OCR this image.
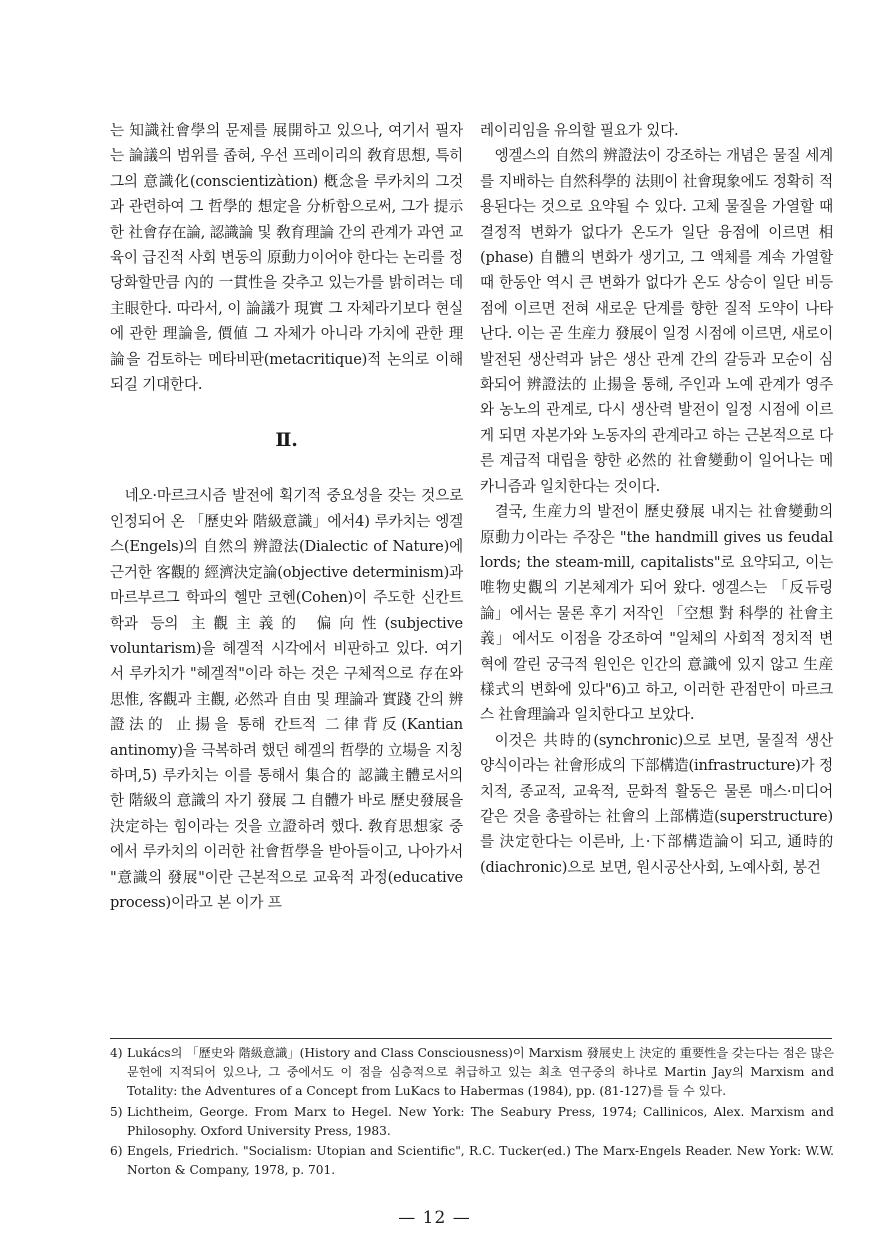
는 知識社會學의 문제를 展開하고 있으나, 여기서 필자는 論議의 범위를 좁혀, 우선 프레이리의 敎育思想, 특히 그의 意識化(conscientizàtion) 槪念을 루카치의 그것과 관련하여 그 哲學的 想定을 分析함으로써, 그가 提示한 社會存在論, 認識論 및 敎育理論 간의 관계가 과연 교육이 급진적 사회 변동의 原動力이어야 한다는 논리를 정당화할만큼 內的 一貫性을 갖추고 있는가를 밝히려는 데 主眼한다. 따라서, 이 論議가 現實 그 자체라기보다 현실에 관한 理論을, 價値 그 자체가 아니라 가치에 관한 理論을 검토하는 메타비판(metacritique)적 논의로 이해되길 기대한다.

Ⅱ.

네오·마르크시즘 발전에 획기적 중요성을 갖는 것으로 인정되어 온 「歷史와 階級意識」에서4) 루카치는 엥겔스(Engels)의 自然의 辨證法(Dialectic of Nature)에 근거한 客觀的 經濟決定論(objective determinism)과 마르부르그 학파의 헬만 코헨(Cohen)이 주도한 신칸트학과 등의 主觀主義的 偏向性(subjective voluntarism)을 헤겔적 시각에서 비판하고 있다. 여기서 루카치가 "헤겔적"이라 하는 것은 구체적으로 存在와 思惟, 客觀과 主觀, 必然과 自由 및 理論과 實踐 간의 辨證法的 止揚을 통해 칸트적 二律背反(Kantian antinomy)을 극복하려 했던 헤겔의 哲學的 立場을 지칭하며,5) 루카치는 이를 통해서 集合的 認識主體로서의 한 階級의 意識의 자기 發展 그 自體가 바로 歷史發展을 決定하는 힘이라는 것을 立證하려 했다. 敎育思想家 중에서 루카치의 이러한 社會哲學을 받아들이고, 나아가서 "意識의 發展"이란 근본적으로 교육적 과정(educative process)이라고 본 이가 프

레이리임을 유의할 필요가 있다.

엥겔스의 自然의 辨證法이 강조하는 개념은 물질 세계를 지배하는 自然科學的 法則이 社會現象에도 정확히 적용된다는 것으로 요약될 수 있다. 고체 물질을 가열할 때 결정적 변화가 없다가 온도가 일단 융점에 이르면 相(phase) 自體의 변화가 생기고, 그 액체를 계속 가열할 때 한동안 역시 큰 변화가 없다가 온도 상승이 일단 비등점에 이르면 전혀 새로운 단계를 향한 질적 도약이 나타난다. 이는 곧 生産力 發展이 일정 시점에 이르면, 새로이 발전된 생산력과 낡은 생산 관계 간의 갈등과 모순이 심화되어 辨證法的 止揚을 통해, 주인과 노예 관계가 영주와 농노의 관계로, 다시 생산력 발전이 일정 시점에 이르게 되면 자본가와 노동자의 관계라고 하는 근본적으로 다른 계급적 대립을 향한 必然的 社會變動이 일어나는 메카니즘과 일치한다는 것이다.

결국, 生産力의 발전이 歷史發展 내지는 社會變動의 原動力이라는 주장은 "the handmill gives us feudal lords; the steam-mill, capitalists"로 요약되고, 이는 唯物史觀의 기본체계가 되어 왔다. 엥겔스는 「反듀링論」에서는 물론 후기 저작인 「空想 對 科學的 社會主義」에서도 이점을 강조하여 "일체의 사회적 정치적 변혁에 깔린 궁극적 원인은 인간의 意識에 있지 않고 生産樣式의 변화에 있다"6)고 하고, 이러한 관점만이 마르크스 社會理論과 일치한다고 보았다.

이것은 共時的(synchronic)으로 보면, 물질적 생산 양식이라는 社會形成의 下部構造(infrastructure)가 정치적, 종교적, 교육적, 문화적 활동은 물론 매스·미디어 같은 것을 총괄하는 社會의 上部構造(superstructure)를 決定한다는 이른바, 上·下部構造論이 되고, 通時的(diachronic)으로 보면, 원시공산사회, 노예사회, 봉건

4) Lukács의 「歷史와 階級意識」(History and Class Consciousness)이 Marxism 發展史上 決定的 重要性을 갖는다는 점은 많은 문헌에 지적되어 있으나, 그 중에서도 이 점을 심층적으로 취급하고 있는 최초 연구중의 하나로 Martin Jay의 Marxism and Totality: the Adventures of a Concept from LuKacs to Habermas (1984), pp. (81-127)를 들 수 있다.

5) Lichtheim, George. From Marx to Hegel. New York: The Seabury Press, 1974; Callinicos, Alex. Marxism and Philosophy. Oxford University Press, 1983.

6) Engels, Friedrich. "Socialism: Utopian and Scientific", R.C. Tucker(ed.) The Marx-Engels Reader. New York: W.W. Norton & Company, 1978, p. 701.

— 12 —
